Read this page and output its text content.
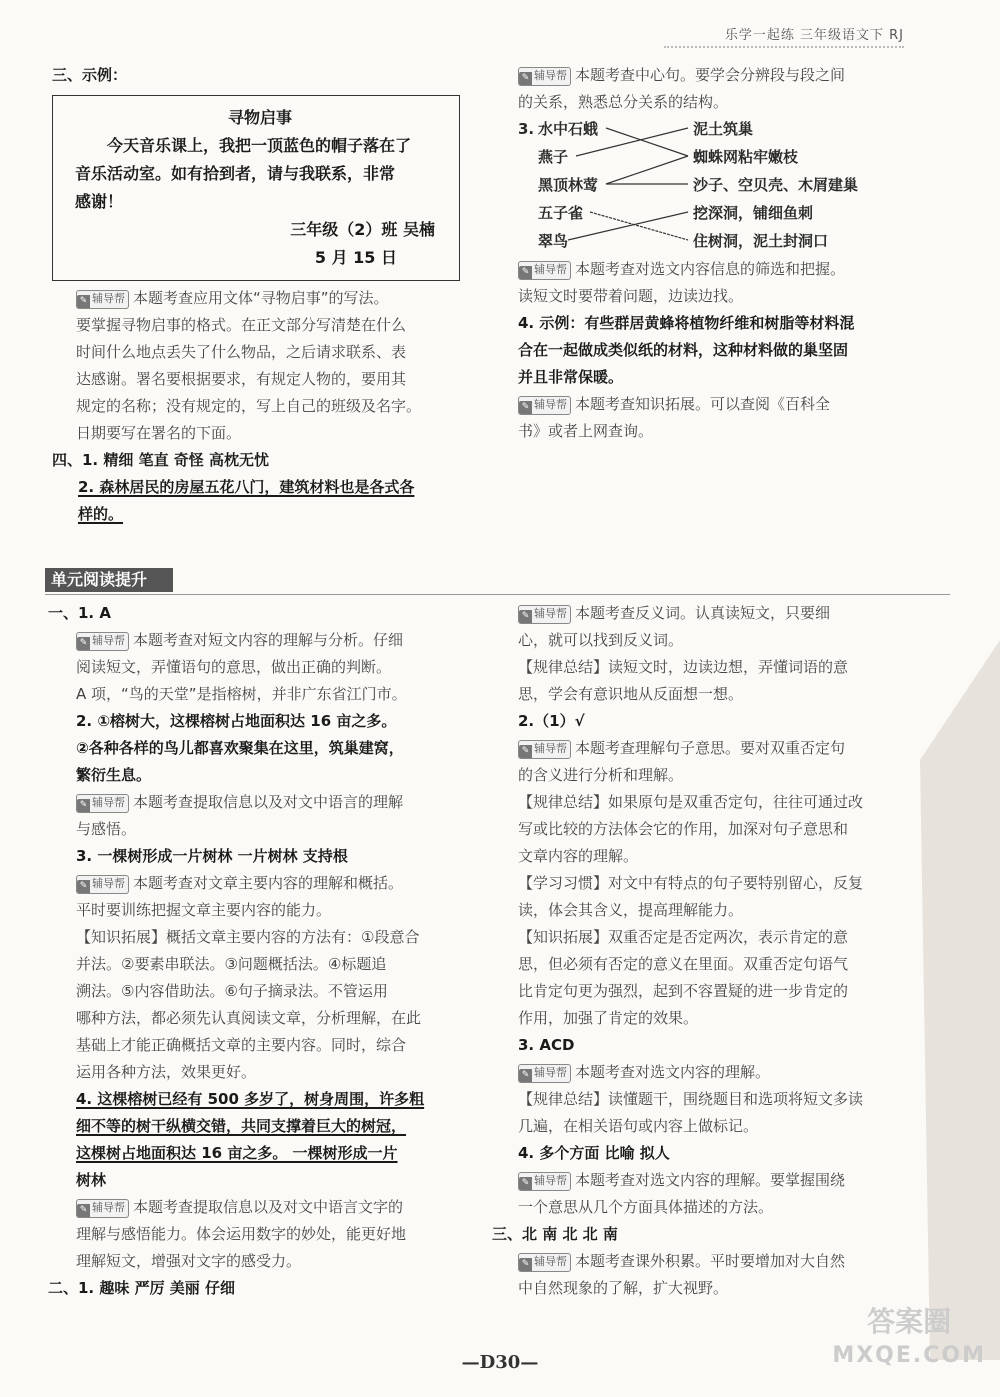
乐学一起练 三年级语文下 RJ

三、示例：

寻物启事
今天音乐课上，我把一顶蓝色的帽子落在了
音乐活动室。如有拾到者，请与我联系，非常
感谢！
三年级（2）班 吴楠
5 月 15 日

✎ 辅导帮 本题考查应用文体“寻物启事”的写法。

要掌握寻物启事的格式。在正文部分写清楚在什么

时间什么地点丢失了什么物品，之后请求联系、表

达感谢。署名要根据要求，有规定人物的，要用其

规定的名称；没有规定的，写上自己的班级及名字。

日期要写在署名的下面。

四、1. 精细 笔直 奇怪 高枕无忧

2. 森林居民的房屋五花八门，建筑材料也是各式各

样的。

✎ 辅导帮 本题考查中心句。要学会分辨段与段之间

的关系，熟悉总分关系的结构。

3. 水中石蛾
燕子
黑顶林莺
五子雀
翠鸟
泥土筑巢
蜘蛛网粘牢嫩枝
沙子、空贝壳、木屑建巢
挖深洞，铺细鱼刺
住树洞，泥土封洞口

✎ 辅导帮 本题考查对选文内容信息的筛选和把握。

读短文时要带着问题，边读边找。

4. 示例：有些群居黄蜂将植物纤维和树脂等材料混

合在一起做成类似纸的材料，这种材料做的巢坚固

并且非常保暖。

✎ 辅导帮 本题考查知识拓展。可以查阅《百科全

书》或者上网查询。

单元阅读提升

一、1. A

✎ 辅导帮 本题考查对短文内容的理解与分析。仔细

阅读短文，弄懂语句的意思，做出正确的判断。

A 项，“鸟的天堂”是指榕树，并非广东省江门市。

2. ①榕树大，这棵榕树占地面积达 16 亩之多。

②各种各样的鸟儿都喜欢聚集在这里，筑巢建窝，

繁衍生息。

✎ 辅导帮 本题考查提取信息以及对文中语言的理解

与感悟。

3. 一棵树形成一片树林 一片树林 支持根

✎ 辅导帮 本题考查对文章主要内容的理解和概括。

平时要训练把握文章主要内容的能力。

【知识拓展】概括文章主要内容的方法有：①段意合

并法。②要素串联法。③问题概括法。④标题追

溯法。⑤内容借助法。⑥句子摘录法。不管运用

哪种方法，都必须先认真阅读文章，分析理解，在此

基础上才能正确概括文章的主要内容。同时，综合

运用各种方法，效果更好。

4. 这棵榕树已经有 500 多岁了，树身周围，许多粗

细不等的树干纵横交错，共同支撑着巨大的树冠，

这棵树占地面积达 16 亩之多。 一棵树形成一片

树林

✎ 辅导帮 本题考查提取信息以及对文中语言文字的

理解与感悟能力。体会运用数字的妙处，能更好地

理解短文，增强对文字的感受力。

二、1. 趣味 严厉 美丽 仔细

✎ 辅导帮 本题考查反义词。认真读短文，只要细

心，就可以找到反义词。

【规律总结】读短文时，边读边想，弄懂词语的意

思，学会有意识地从反面想一想。

2.（1）√

✎ 辅导帮 本题考查理解句子意思。要对双重否定句

的含义进行分析和理解。

【规律总结】如果原句是双重否定句，往往可通过改

写或比较的方法体会它的作用，加深对句子意思和

文章内容的理解。

【学习习惯】对文中有特点的句子要特别留心，反复

读，体会其含义，提高理解能力。

【知识拓展】双重否定是否定两次，表示肯定的意

思，但必须有否定的意义在里面。双重否定句语气

比肯定句更为强烈，起到不容置疑的进一步肯定的

作用，加强了肯定的效果。

3. ACD

✎ 辅导帮 本题考查对选文内容的理解。

【规律总结】读懂题干，围绕题目和选项将短文多读

几遍，在相关语句或内容上做标记。

4. 多个方面 比喻 拟人

✎ 辅导帮 本题考查对选文内容的理解。要掌握围绕

一个意思从几个方面具体描述的方法。

三、北 南 北 北 南

✎ 辅导帮 本题考查课外积累。平时要增加对大自然

中自然现象的了解，扩大视野。

—D30—
答案圈
MXQE.COM
